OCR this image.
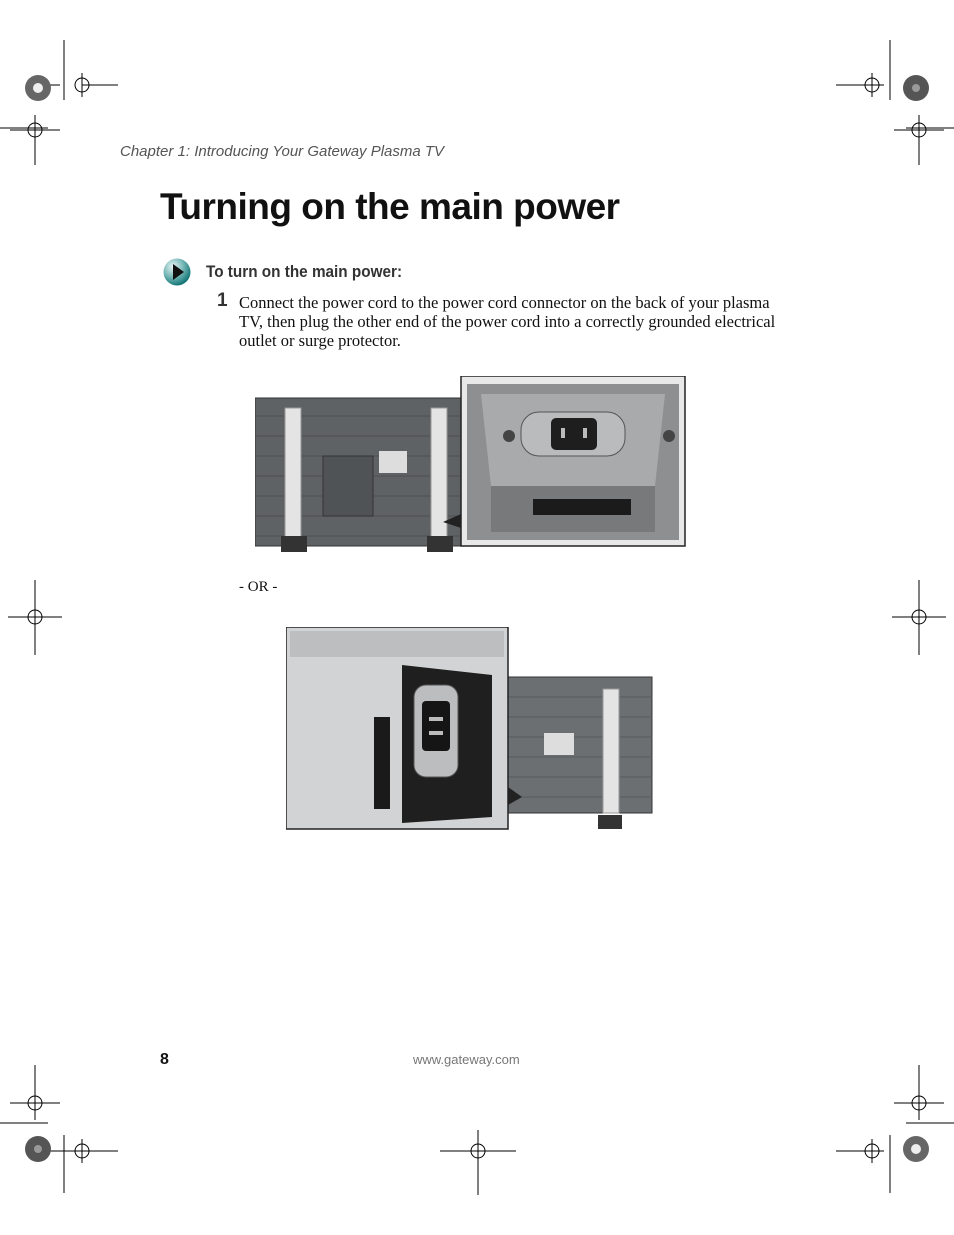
Chapter 1: Introducing Your Gateway Plasma TV
Turning on the main power
To turn on the main power:
1 Connect the power cord to the power cord connector on the back of your plasma TV, then plug the other end of the power cord into a correctly grounded electrical outlet or surge protector.
- OR -
8	www.gateway.com
